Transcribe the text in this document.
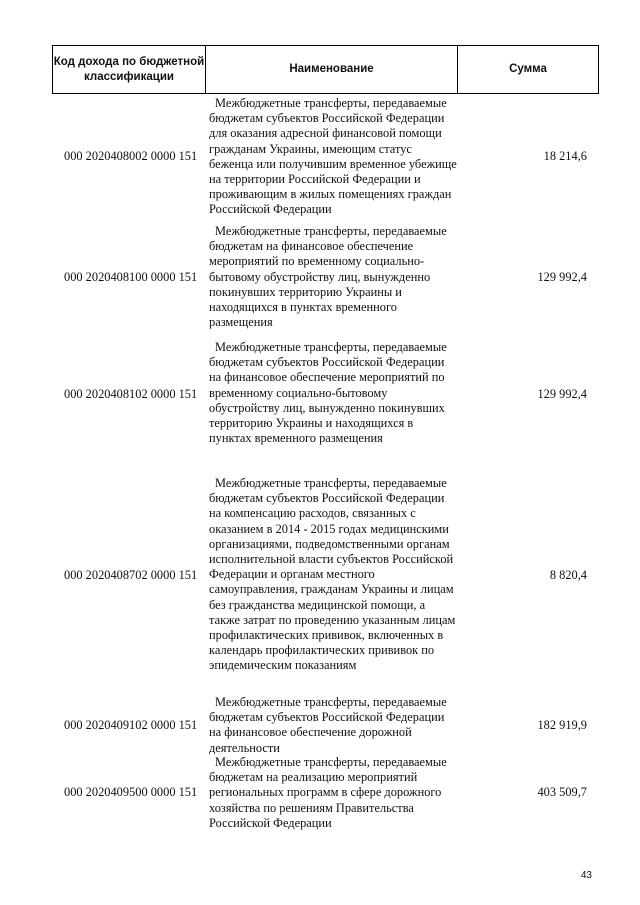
Код дохода по бюджетной классификации
Наименование	Сумма
000 2020408002 0000 151

Межбюджетные трансферты, передаваемые

бюджетам субъектов Российской Федерации

для оказания адресной финансовой помощи

гражданам Украины, имеющим статус

беженца или получившим временное убежище

на территории Российской Федерации и

проживающим в жилых помещениях граждан

Российской Федерации

18 214,6
000 2020408100 0000 151

Межбюджетные трансферты, передаваемые

бюджетам на финансовое обеспечение

мероприятий по временному социально-

бытовому обустройству лиц, вынужденно

покинувших территорию Украины и

находящихся в пунктах временного

размещения

129 992,4
000 2020408102 0000 151

Межбюджетные трансферты, передаваемые

бюджетам субъектов Российской Федерации

на финансовое обеспечение мероприятий по

временному социально-бытовому

обустройству лиц, вынужденно покинувших

территорию Украины и находящихся в

пунктах временного размещения

129 992,4
000 2020408702 0000 151

Межбюджетные трансферты, передаваемые

бюджетам субъектов Российской Федерации

на компенсацию расходов, связанных с

оказанием в 2014 - 2015 годах медицинскими

организациями, подведомственными органам

исполнительной власти субъектов Российской

Федерации и органам местного

самоуправления, гражданам Украины и лицам

без гражданства медицинской помощи, а

также затрат по проведению указанным лицам

профилактических прививок, включенных в

календарь профилактических прививок по

эпидемическим показаниям

8 820,4
000 2020409102 0000 151

Межбюджетные трансферты, передаваемые

бюджетам субъектов Российской Федерации

на финансовое обеспечение дорожной

деятельности

182 919,9
000 2020409500 0000 151

Межбюджетные трансферты, передаваемые

бюджетам на реализацию мероприятий

региональных программ в сфере дорожного

хозяйства по решениям Правительства

Российской Федерации

403 509,7
43
